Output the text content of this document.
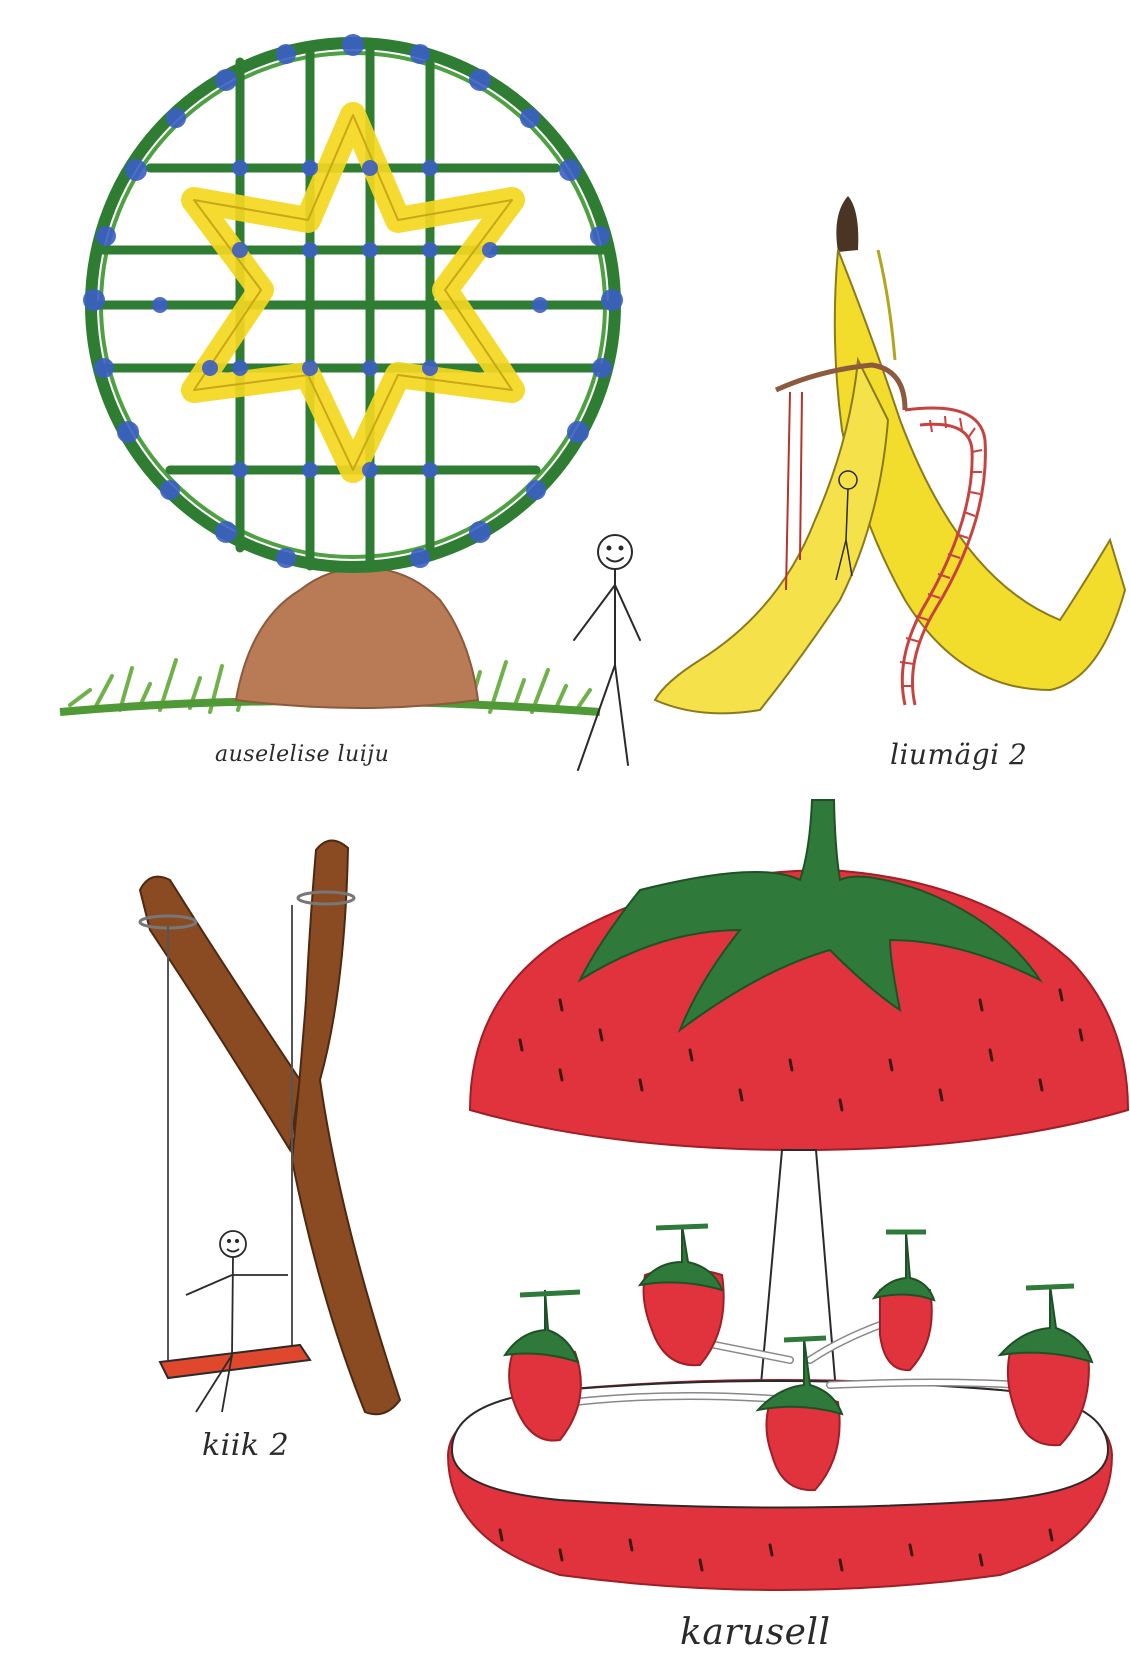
auselelise luiju	liumägi 2
kiik 2
karusell
